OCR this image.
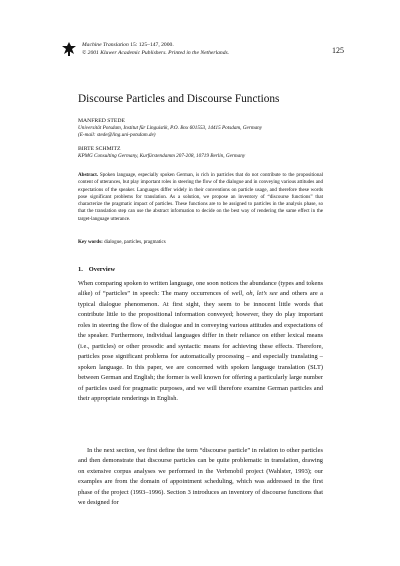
Machine Translation 15: 125–147, 2000.
© 2001 Kluwer Academic Publishers. Printed in the Netherlands.	125
Discourse Particles and Discourse Functions
MANFRED STEDE
Universität Potsdam, Institut für Linguistik, P.O. Box 601553, 14415 Potsdam, Germany
(E-mail: stede@ling.uni-potsdam.de)
BIRTE SCHMITZ
KPMG Consulting Germany, Kurfürstendamm 207-208, 10719 Berlin, Germany
Abstract. Spoken language, especially spoken German, is rich in particles that do not contribute to the propositional content of utterances, but play important roles in steering the flow of the dialogue and in conveying various attitudes and expectations of the speaker. Languages differ widely in their conventions on particle usage, and therefore these words pose significant problems for translation. As a solution, we propose an inventory of “discourse functions” that characterize the pragmatic impact of particles. These functions are to be assigned to particles in the analysis phase, so that the translation step can use the abstract information to decide on the best way of rendering the same effect in the target-language utterance.
Key words: dialogue, particles, pragmatics
1. Overview
When comparing spoken to written language, one soon notices the abundance (types and tokens alike) of “particles” in speech: The many occurrences of well, oh, let’s see and others are a typical dialogue phenomenon. At first sight, they seem to be innocent little words that contribute little to the propositional information conveyed; however, they do play important roles in steering the flow of the dialogue and in conveying various attitudes and expectations of the speaker. Furthermore, individual languages differ in their reliance on either lexical means (i.e., particles) or other prosodic and syntactic means for achieving these effects. Therefore, particles pose significant problems for automatically processing – and especially translating – spoken language. In this paper, we are concerned with spoken language translation (SLT) between German and English; the former is well known for offering a particularly large number of particles used for pragmatic purposes, and we will therefore examine German particles and their appropriate renderings in English.
In the next section, we first define the term “discourse particle” in relation to other particles and then demonstrate that discourse particles can be quite problematic in translation, drawing on extensive corpus analyses we performed in the Verbmobil project (Wahlster, 1993); our examples are from the domain of appointment scheduling, which was addressed in the first phase of the project (1993–1996). Section 3 introduces an inventory of discourse functions that we designed for
